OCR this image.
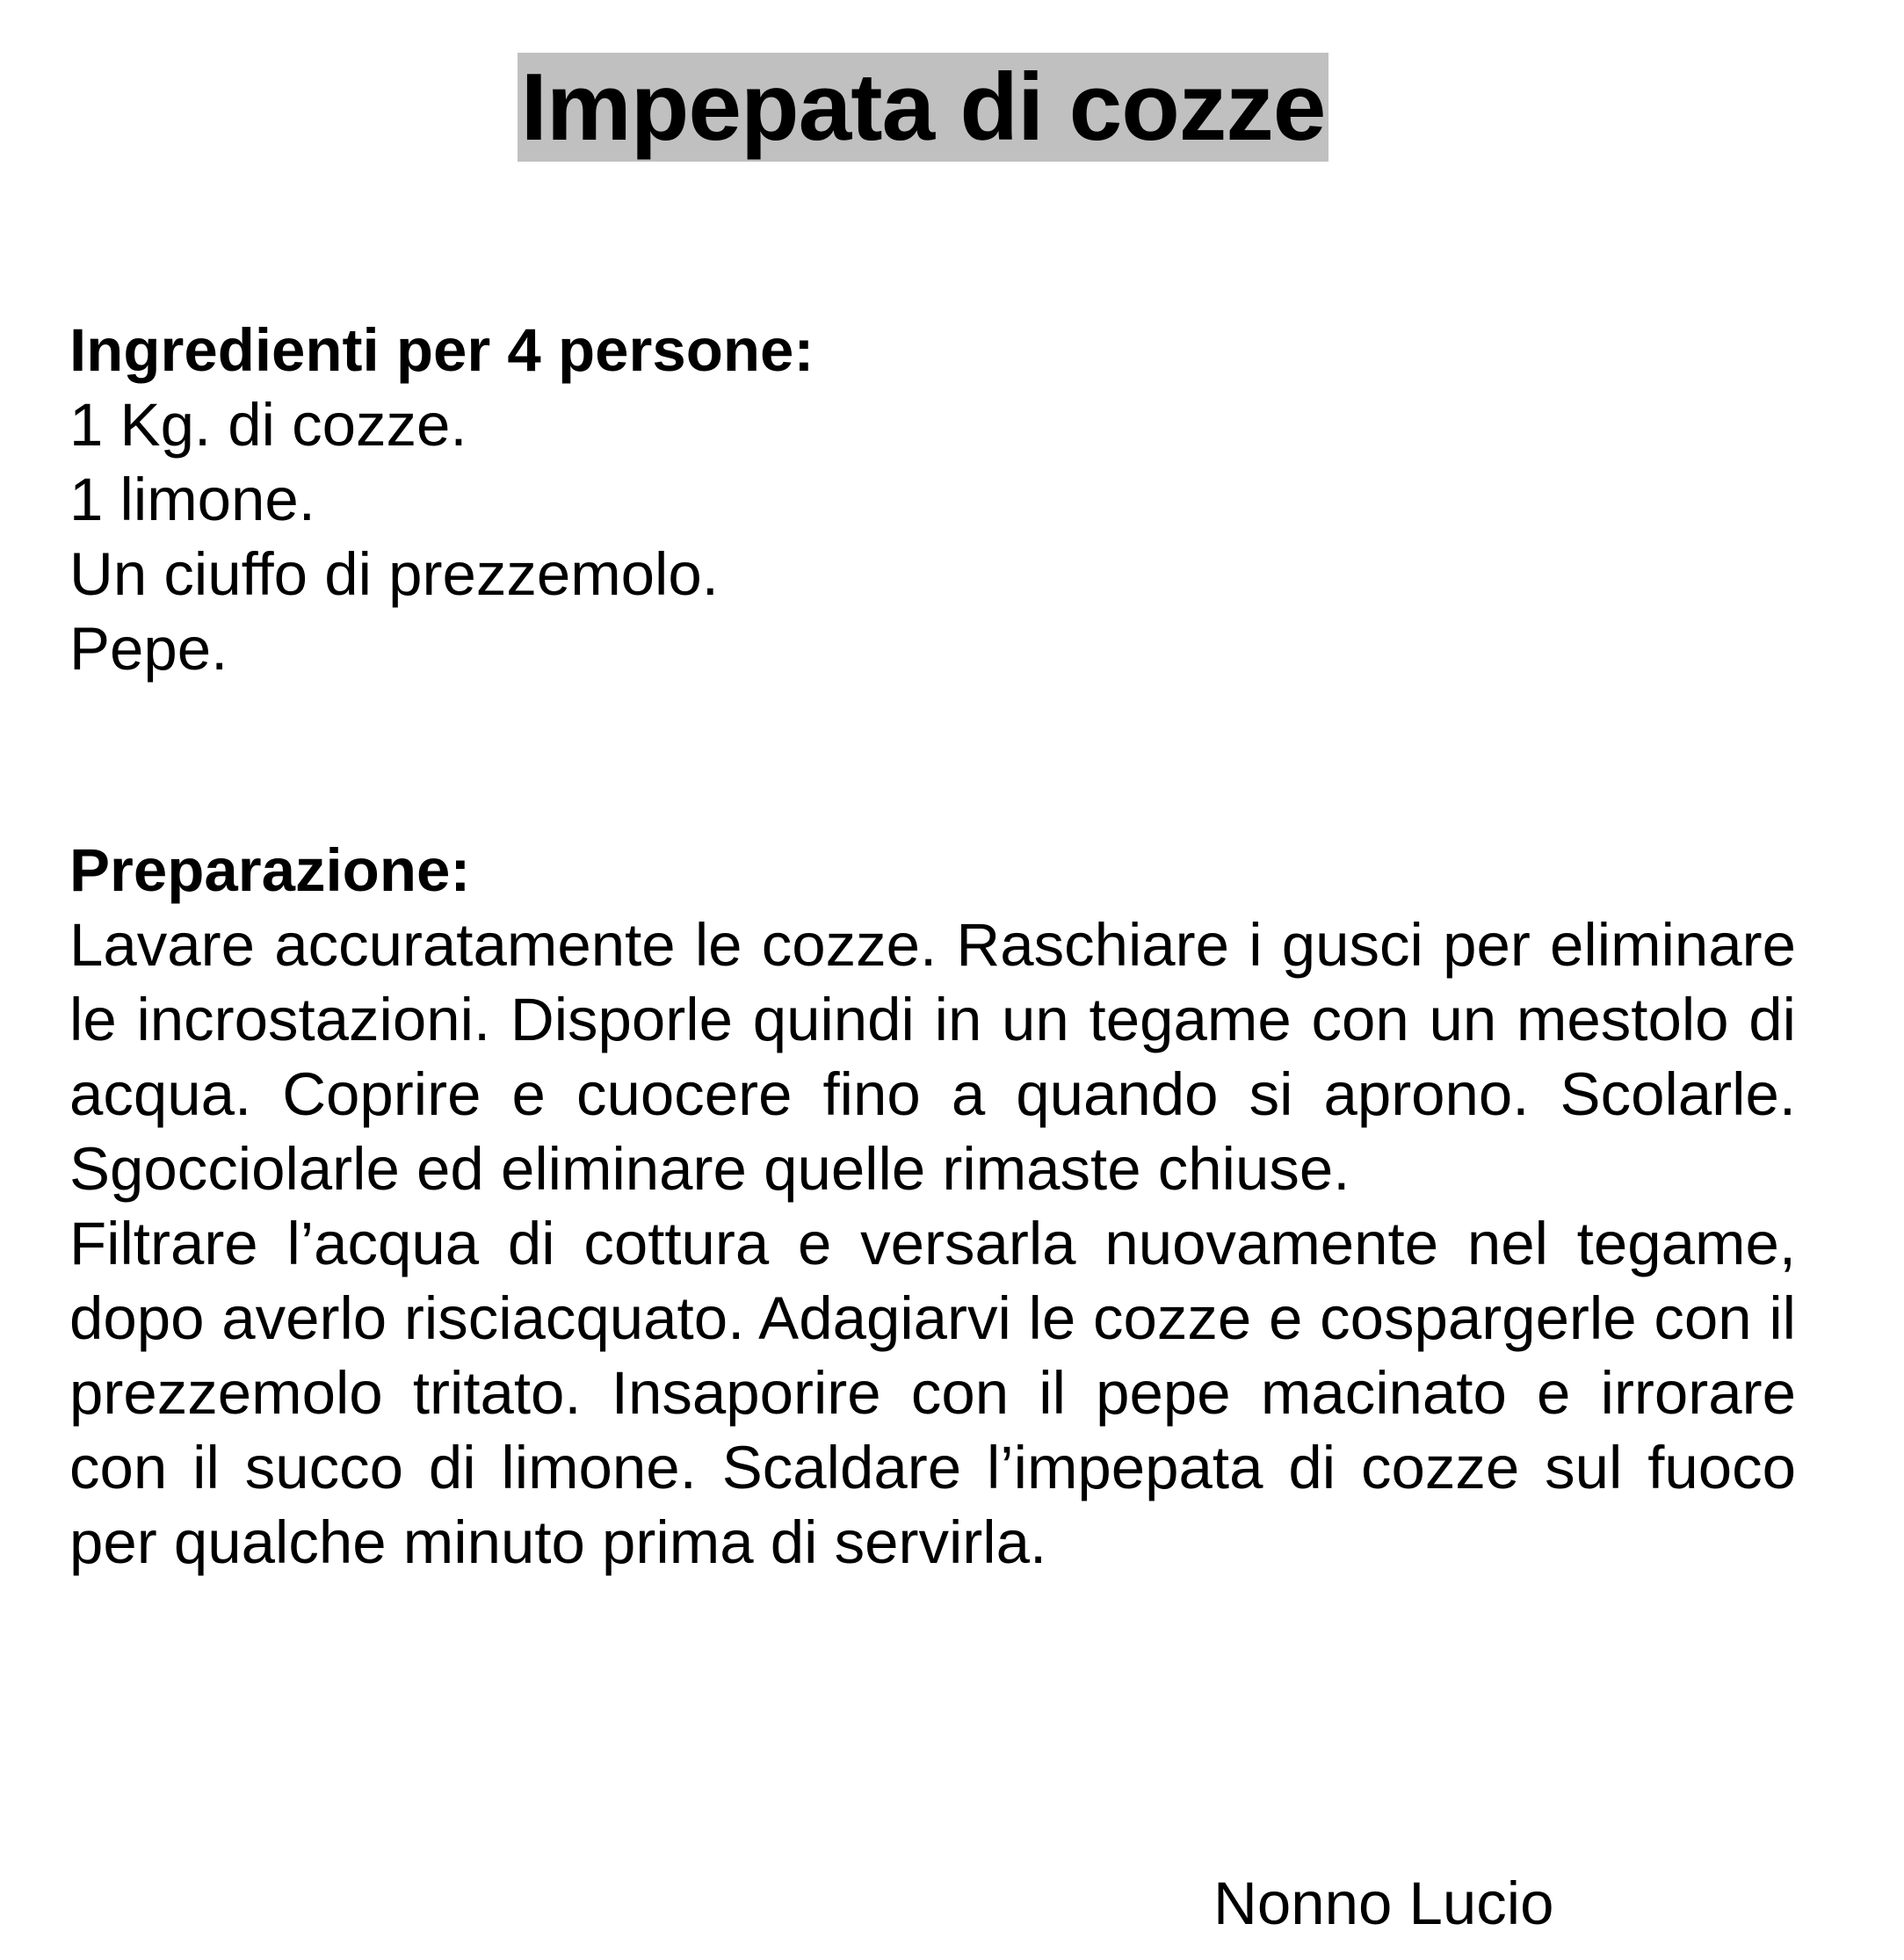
Impepata di cozze
Ingredienti per 4 persone:
1 Kg. di cozze.
1 limone.
Un ciuffo di prezzemolo.
Pepe.
Preparazione:

Lavare accuratamente le cozze. Raschiare i gusci per eliminare le incrostazioni. Disporle quindi in un tegame con un mestolo di acqua. Coprire e cuocere fino a quando si aprono. Scolarle. Sgocciolarle ed eliminare quelle rimaste chiuse.

Filtrare l’acqua di cottura e versarla nuovamente nel tegame, dopo averlo risciacquato. Adagiarvi le cozze e cospargerle con il prezzemolo tritato. Insaporire con il pepe macinato e irrorare con il succo di limone. Scaldare l’impepata di cozze sul fuoco per qualche minuto prima di servirla.

Nonno Lucio
